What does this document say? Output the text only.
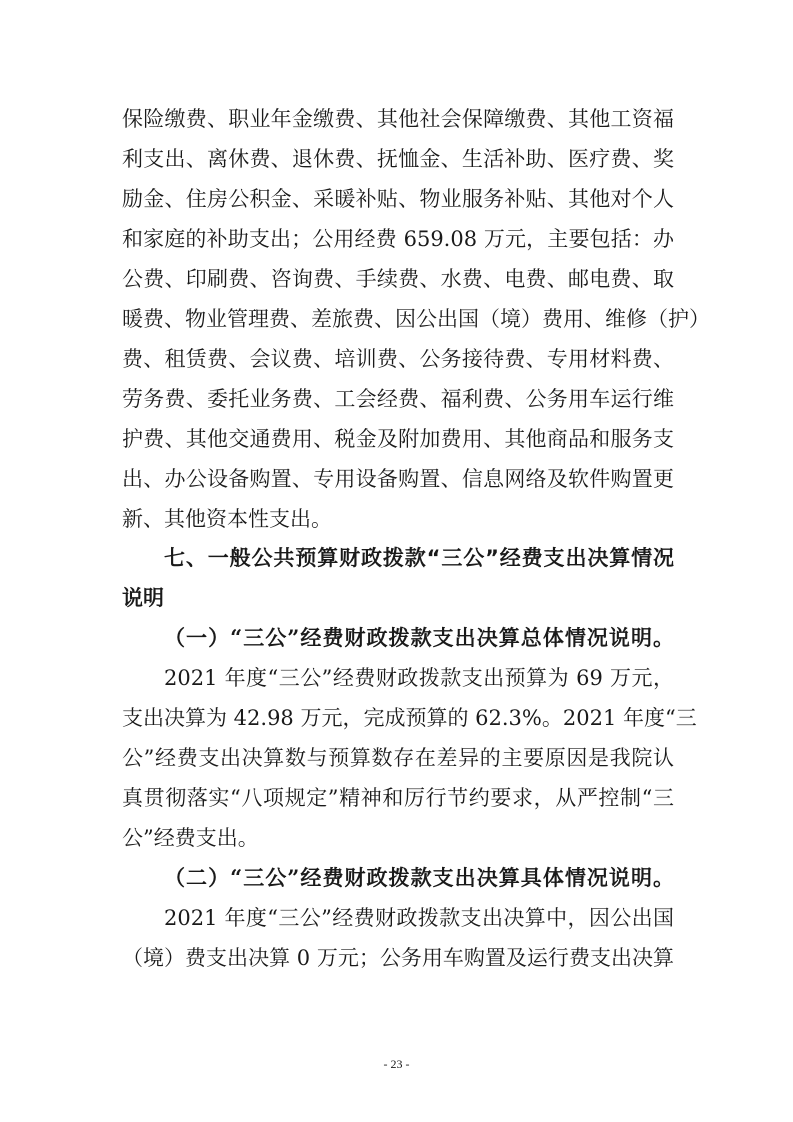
保险缴费、职业年金缴费、其他社会保障缴费、其他工资福
利支出、离休费、退休费、抚恤金、生活补助、医疗费、奖
励金、住房公积金、采暖补贴、物业服务补贴、其他对个人
和家庭的补助支出；公用经费 659.08 万元，主要包括：办
公费、印刷费、咨询费、手续费、水费、电费、邮电费、取
暖费、物业管理费、差旅费、因公出国（境）费用、维修（护）
费、租赁费、会议费、培训费、公务接待费、专用材料费、
劳务费、委托业务费、工会经费、福利费、公务用车运行维
护费、其他交通费用、税金及附加费用、其他商品和服务支
出、办公设备购置、专用设备购置、信息网络及软件购置更
新、其他资本性支出。
七、一般公共预算财政拨款“三公”经费支出决算情况
说明
（一）“三公”经费财政拨款支出决算总体情况说明。
2021 年度“三公”经费财政拨款支出预算为 69 万元，
支出决算为 42.98 万元，完成预算的 62.3%。2021 年度“三
公”经费支出决算数与预算数存在差异的主要原因是我院认
真贯彻落实“八项规定”精神和厉行节约要求，从严控制“三
公”经费支出。
（二）“三公”经费财政拨款支出决算具体情况说明。
2021 年度“三公”经费财政拨款支出决算中，因公出国
（境）费支出决算 0 万元；公务用车购置及运行费支出决算
- 23 -
